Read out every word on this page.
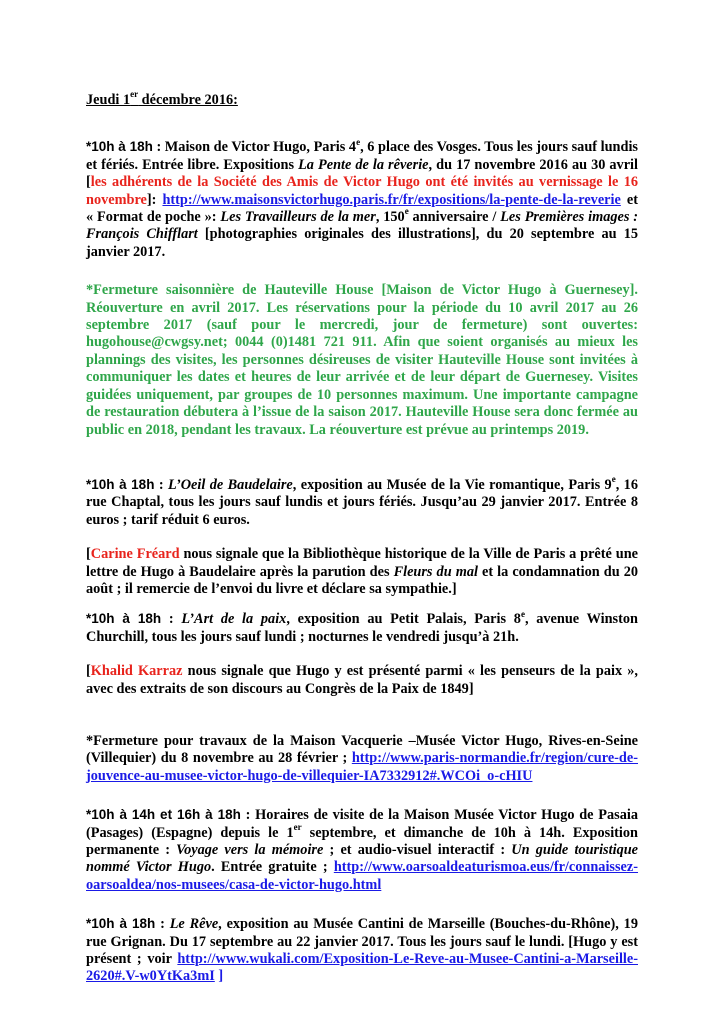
Jeudi 1er décembre 2016:

*10h à 18h : Maison de Victor Hugo, Paris 4e, 6 place des Vosges. Tous les jours sauf lundis et fériés. Entrée libre. Expositions La Pente de la rêverie, du 17 novembre 2016 au 30 avril [les adhérents de la Société des Amis de Victor Hugo ont été invités au vernissage le 16 novembre]: http://www.maisonsvictorhugo.paris.fr/fr/expositions/la-pente-de-la-reverie et « Format de poche »: Les Travailleurs de la mer, 150e anniversaire / Les Premières images : François Chifflart [photographies originales des illustrations], du 20 septembre au 15 janvier 2017.

*Fermeture saisonnière de Hauteville House [Maison de Victor Hugo à Guernesey]. Réouverture en avril 2017. Les réservations pour la période du 10 avril 2017 au 26 septembre 2017 (sauf pour le mercredi, jour de fermeture) sont ouvertes: hugohouse@cwgsy.net; 0044 (0)1481 721 911. Afin que soient organisés au mieux les plannings des visites, les personnes désireuses de visiter Hauteville House sont invitées à communiquer les dates et heures de leur arrivée et de leur départ de Guernesey. Visites guidées uniquement, par groupes de 10 personnes maximum. Une importante campagne de restauration débutera à l’issue de la saison 2017. Hauteville House sera donc fermée au public en 2018, pendant les travaux. La réouverture est prévue au printemps 2019.

*10h à 18h : L’Oeil de Baudelaire, exposition au Musée de la Vie romantique, Paris 9e, 16 rue Chaptal, tous les jours sauf lundis et jours fériés. Jusqu’au 29 janvier 2017. Entrée 8 euros ; tarif réduit 6 euros.

[Carine Fréard nous signale que la Bibliothèque historique de la Ville de Paris a prêté une lettre de Hugo à Baudelaire après la parution des Fleurs du mal et la condamnation du 20 août ; il remercie de l’envoi du livre et déclare sa sympathie.]

*10h à 18h : L’Art de la paix, exposition au Petit Palais, Paris 8e, avenue Winston Churchill, tous les jours sauf lundi ; nocturnes le vendredi jusqu’à 21h.

[Khalid Karraz nous signale que Hugo y est présenté parmi « les penseurs de la paix », avec des extraits de son discours au Congrès de la Paix de 1849]

*Fermeture pour travaux de la Maison Vacquerie –Musée Victor Hugo, Rives-en-Seine (Villequier) du 8 novembre au 28 février ; http://www.paris-normandie.fr/region/cure-de-jouvence-au-musee-victor-hugo-de-villequier-IA7332912#.WCOi_o-cHIU

*10h à 14h et 16h à 18h : Horaires de visite de la Maison Musée Victor Hugo de Pasaia (Pasages) (Espagne) depuis le 1er septembre, et dimanche de 10h à 14h. Exposition permanente : Voyage vers la mémoire ; et audio-visuel interactif : Un guide touristique nommé Victor Hugo. Entrée gratuite ; http://www.oarsoaldeaturismoa.eus/fr/connaissez-oarsoaldea/nos-musees/casa-de-victor-hugo.html

*10h à 18h : Le Rêve, exposition au Musée Cantini de Marseille (Bouches-du-Rhône), 19 rue Grignan. Du 17 septembre au 22 janvier 2017. Tous les jours sauf le lundi. [Hugo y est présent ; voir http://www.wukali.com/Exposition-Le-Reve-au-Musee-Cantini-a-Marseille-2620#.V-w0YtKa3mI ]
